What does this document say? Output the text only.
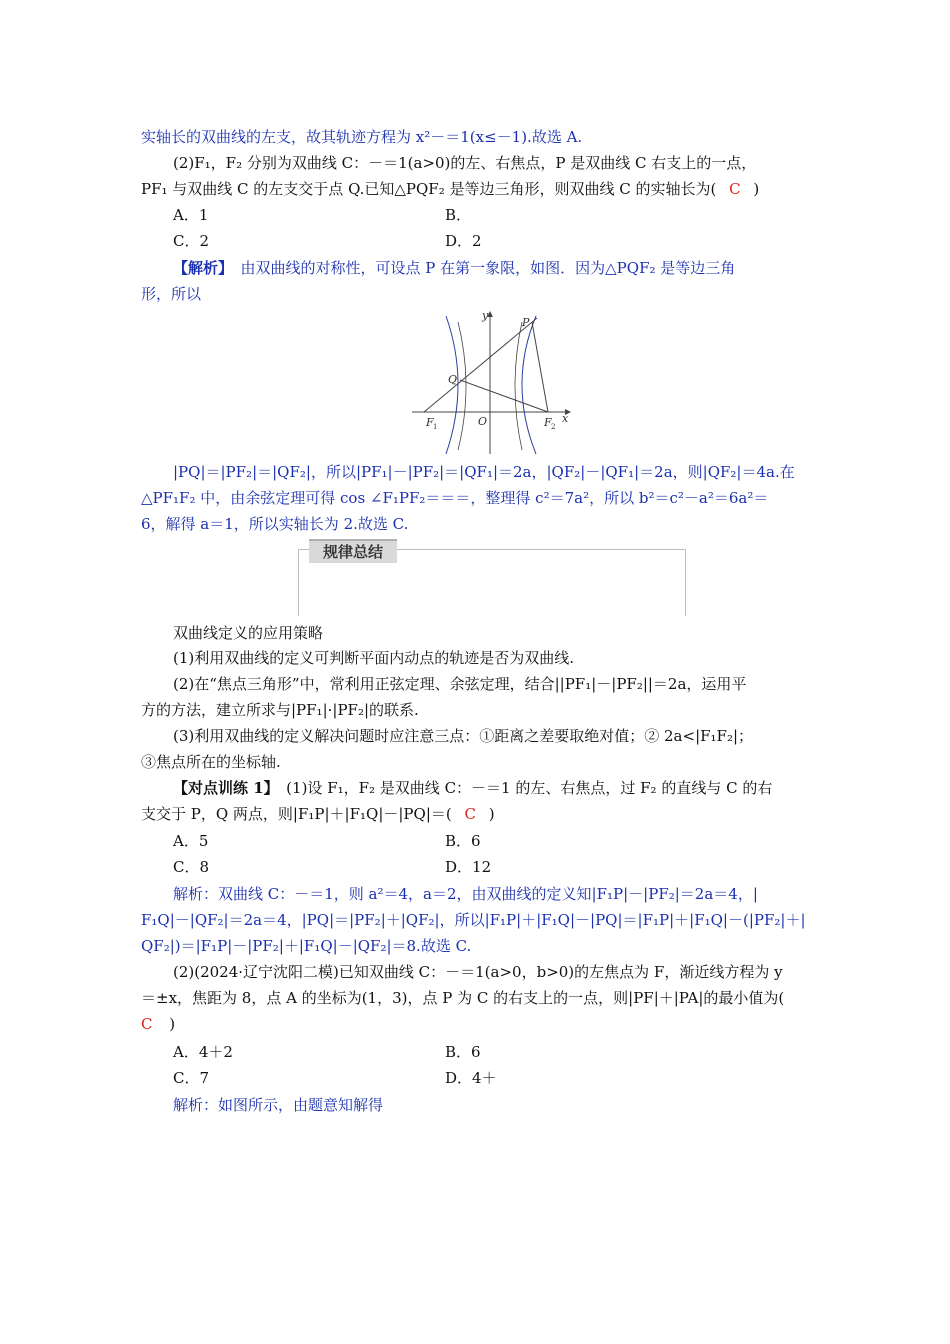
实轴长的双曲线的左支，故其轨迹方程为 x²－＝1(x≤－1).故选 A.
(2)F₁，F₂ 分别为双曲线 C：－＝1(a>0)的左、右焦点，P 是双曲线 C 右支上的一点，
PF₁ 与双曲线 C 的左支交于点 Q.已知△PQF₂ 是等边三角形，则双曲线 C 的实轴长为( C )
A．1	B．
C．2	D．2
【解析】　由双曲线的对称性，可设点 P 在第一象限，如图．因为△PQF₂ 是等边三角
形，所以
y
x
P
Q
O
F 1	F 2
|PQ|＝|PF₂|＝|QF₂|，所以|PF₁|－|PF₂|＝|QF₁|＝2a，|QF₂|－|QF₁|＝2a，则|QF₂|＝4a.在
△PF₁F₂ 中，由余弦定理可得 cos ∠F₁PF₂＝＝＝，整理得 c²＝7a²，所以 b²＝c²－a²＝6a²＝
6，解得 a＝1，所以实轴长为 2.故选 C.
规律总结
双曲线定义的应用策略
(1)利用双曲线的定义可判断平面内动点的轨迹是否为双曲线.
(2)在“焦点三角形”中，常利用正弦定理、余弦定理，结合||PF₁|－|PF₂||＝2a，运用平
方的方法，建立所求与|PF₁|·|PF₂|的联系.
(3)利用双曲线的定义解决问题时应注意三点：①距离之差要取绝对值；② 2a<|F₁F₂|；
③焦点所在的坐标轴.
【对点训练 1】　(1)设 F₁，F₂ 是双曲线 C：－＝1 的左、右焦点，过 F₂ 的直线与 C 的右
支交于 P，Q 两点，则|F₁P|＋|F₁Q|－|PQ|＝( C )
A．5	B．6
C．8	D．12
解析：双曲线 C：－＝1，则 a²＝4，a＝2，由双曲线的定义知|F₁P|－|PF₂|＝2a＝4，|
F₁Q|－|QF₂|＝2a＝4，|PQ|＝|PF₂|＋|QF₂|，所以|F₁P|＋|F₁Q|－|PQ|＝|F₁P|＋|F₁Q|－(|PF₂|＋|
QF₂|)＝|F₁P|－|PF₂|＋|F₁Q|－|QF₂|＝8.故选 C.
(2)(2024·辽宁沈阳二模)已知双曲线 C：－＝1(a>0，b>0)的左焦点为 F，渐近线方程为 y
＝±x，焦距为 8，点 A 的坐标为(1，3)，点 P 为 C 的右支上的一点，则|PF|＋|PA|的最小值为(
C )
A．4＋2	B．6
C．7	D．4＋
解析：如图所示，由题意知解得
